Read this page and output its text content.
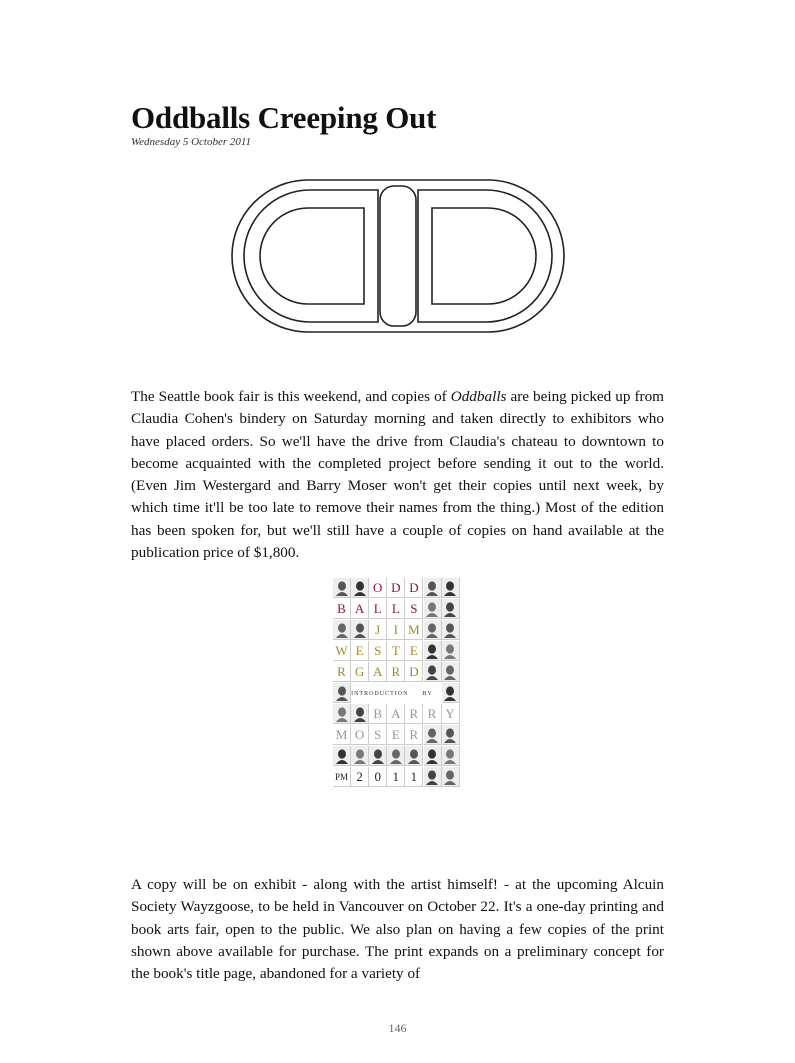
Oddballs Creeping Out
Wednesday 5 October 2011

The Seattle book fair is this weekend, and copies of Oddballs are being picked up from Claudia Cohen's bindery on Saturday morning and taken directly to exhibitors who have placed orders. So we'll have the drive from Claudia's chateau to downtown to become acquainted with the completed project before sending it out to the world. (Even Jim Westergard and Barry Moser won't get their copies until next week, by which time it'll be too late to remove their names from the thing.) Most of the edition has been spoken for, but we'll still have a couple of copies on hand available at the publication price of $1,800.

O D D
B A L L S
J	I M
W E S T E
R G A R D
INTRODUCTION BY
B A R R Y
M O S E R
PM 2 0 1 1

A copy will be on exhibit - along with the artist himself! - at the upcoming Alcuin Society Wayzgoose, to be held in Vancouver on October 22. It's a one-day printing and book arts fair, open to the public. We also plan on having a few copies of the print shown above available for purchase. The print expands on a preliminary concept for the book's title page, abandoned for a variety of

146
